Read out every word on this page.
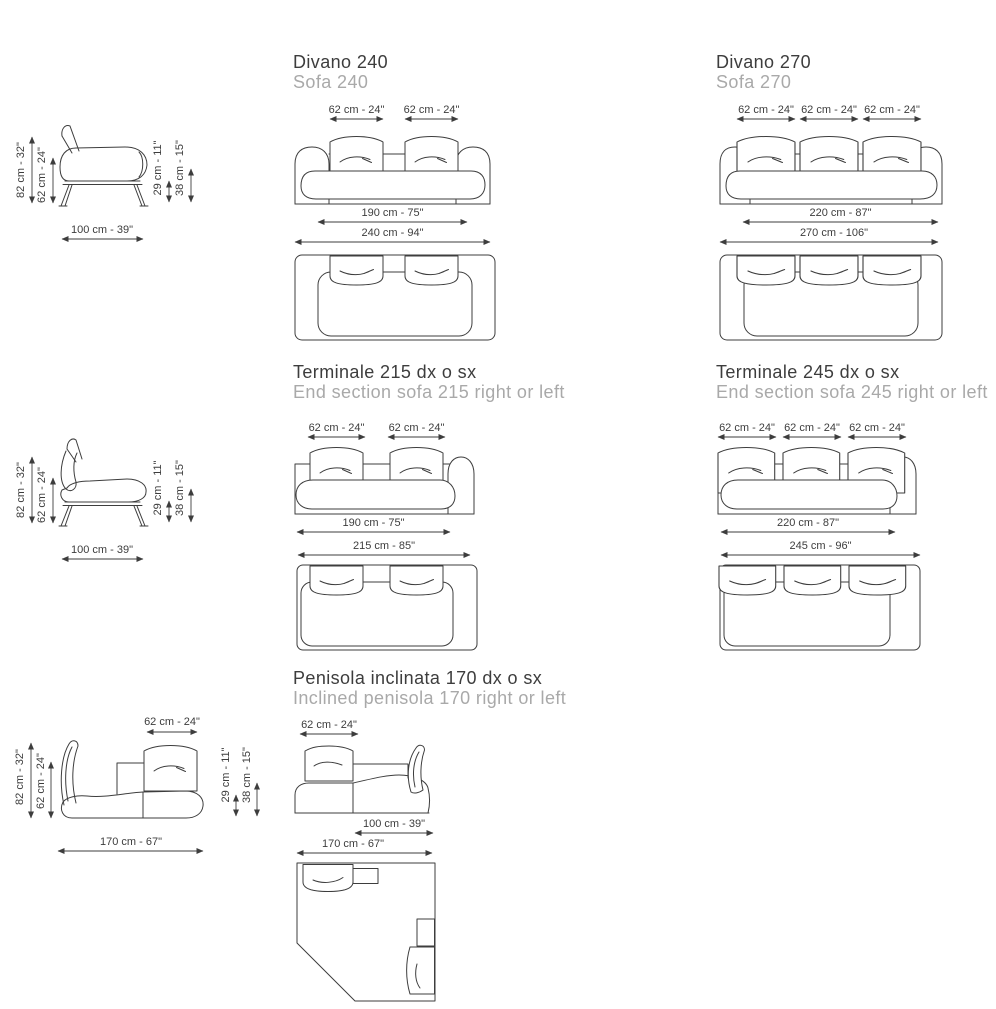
82 cm - 32" 62 cm - 24"	29 cm - 11" 38 cm - 15"
100 cm - 39"
Divano 240
Sofa 240
62 cm - 24" 62 cm - 24"
190 cm - 75"
240 cm - 94"
Divano 270
Sofa 270
62 cm - 24" 62 cm - 24" 62 cm - 24"
220 cm - 87"
270 cm - 106"
82 cm - 32" 62 cm - 24"	29 cm - 11" 38 cm - 15"
100 cm - 39"
Terminale 215 dx o sx
End section sofa 215 right or left
62 cm - 24" 62 cm - 24"
190 cm - 75"
215 cm - 85"
Terminale 245 dx o sx
End section sofa 245 right or left
62 cm - 24" 62 cm - 24" 62 cm - 24"
220 cm - 87"
245 cm - 96"
62 cm - 24"
82 cm - 32" 62 cm - 24"	29 cm - 11" 38 cm - 15"
170 cm - 67"
Penisola inclinata 170 dx o sx
Inclined penisola 170 right or left
62 cm - 24"
100 cm - 39"
170 cm - 67"
